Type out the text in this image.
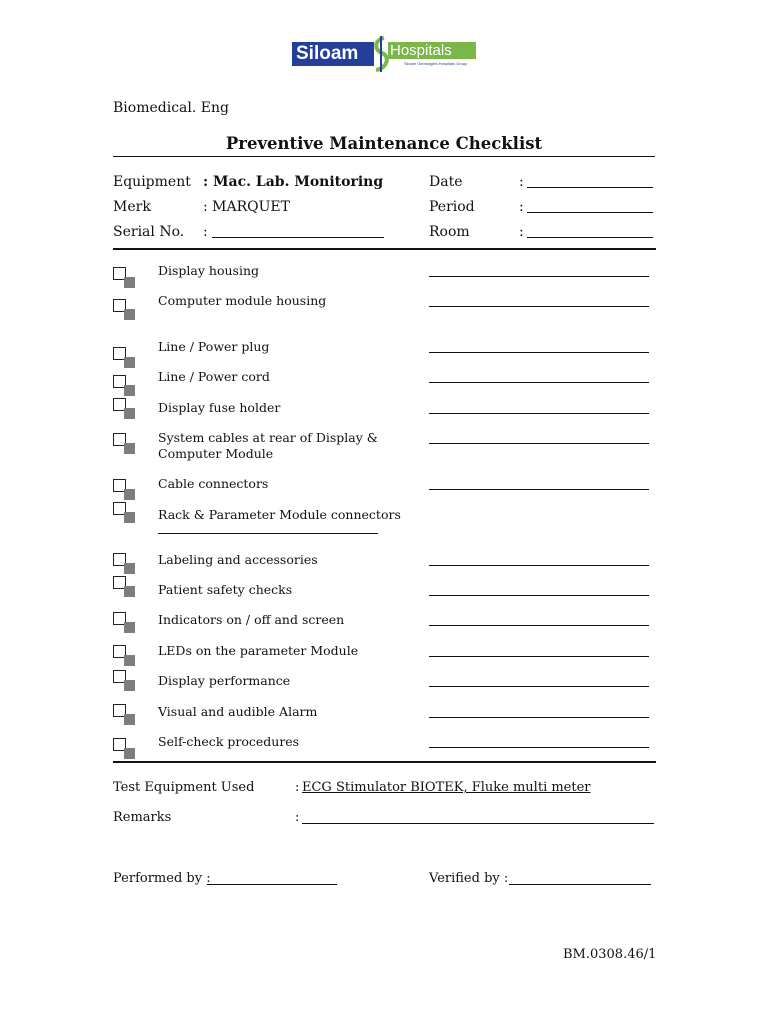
Siloam	Hospitals
Siloam Gleneagles Hospitals Group
Biomedical. Eng
Preventive Maintenance Checklist
Equipment : Mac. Lab. Monitoring
Merk	: MARQUET
Serial No. :
Date	:
Period	:
Room	:
Display housing
Computer module housing
Line / Power plug
Line / Power cord
Display fuse holder
System cables at rear of Display &
Computer Module
Cable connectors
Rack & Parameter Module connectors
Labeling and accessories
Patient safety checks
Indicators on / off and screen
LEDs on the parameter Module
Display performance
Visual and audible Alarm
Self-check procedures
Test Equipment Used	: ECG Stimulator BIOTEK, Fluke multi meter
Remarks	:
Performed by :	Verified by :
BM.0308.46/1
